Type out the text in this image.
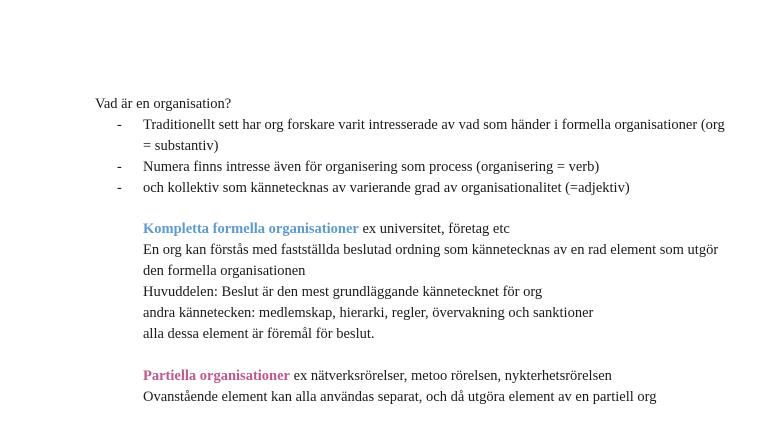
Vad är en organisation?

- Traditionellt sett har org forskare varit intresserade av vad som händer i formella organisationer (org = substantiv)
- Numera finns intresse även för organisering som process (organisering = verb)
- och kollektiv som kännetecknas av varierande grad av organisationalitet (=adjektiv)

Kompletta formella organisationer ex universitet, företag etc

En org kan förstås med fastställda beslutad ordning som kännetecknas av en rad element som utgör den formella organisationen

Huvuddelen: Beslut är den mest grundläggande kännetecknet för org

andra kännetecken: medlemskap, hierarki, regler, övervakning och sanktioner

alla dessa element är föremål för beslut.

Partiella organisationer ex nätverksrörelser, metoo rörelsen, nykterhetsrörelsen

Ovanstående element kan alla användas separat, och då utgöra element av en partiell org
